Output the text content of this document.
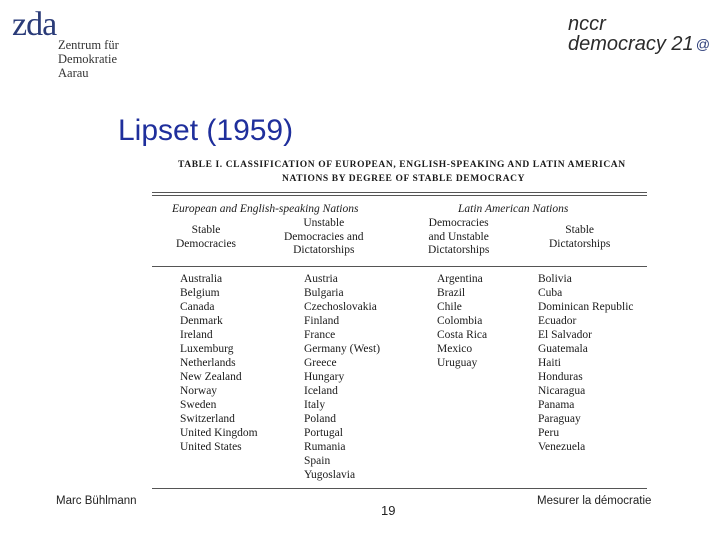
zda
Zentrum für
Demokratie
Aarau
nccr
democracy 21 @
Lipset (1959)
TABLE I. CLASSIFICATION OF EUROPEAN, ENGLISH-SPEAKING AND LATIN AMERICAN
NATIONS BY DEGREE OF STABLE DEMOCRACY
European and English-speaking Nations	Latin American Nations
Stable
Democracies
Unstable
Democracies and
Dictatorships
Democracies
and Unstable
Dictatorships
Stable
Dictatorships
Australia
Belgium
Canada
Denmark
Ireland
Luxemburg
Netherlands
New Zealand
Norway
Sweden
Switzerland
United Kingdom
United States
Austria
Bulgaria
Czechoslovakia
Finland
France
Germany (West)
Greece
Hungary
Iceland
Italy
Poland
Portugal
Rumania
Spain
Yugoslavia
Argentina
Brazil
Chile
Colombia
Costa Rica
Mexico
Uruguay
Bolivia
Cuba
Dominican Republic
Ecuador
El Salvador
Guatemala
Haiti
Honduras
Nicaragua
Panama
Paraguay
Peru
Venezuela
Marc Bühlmann
19
Mesurer la démocratie
